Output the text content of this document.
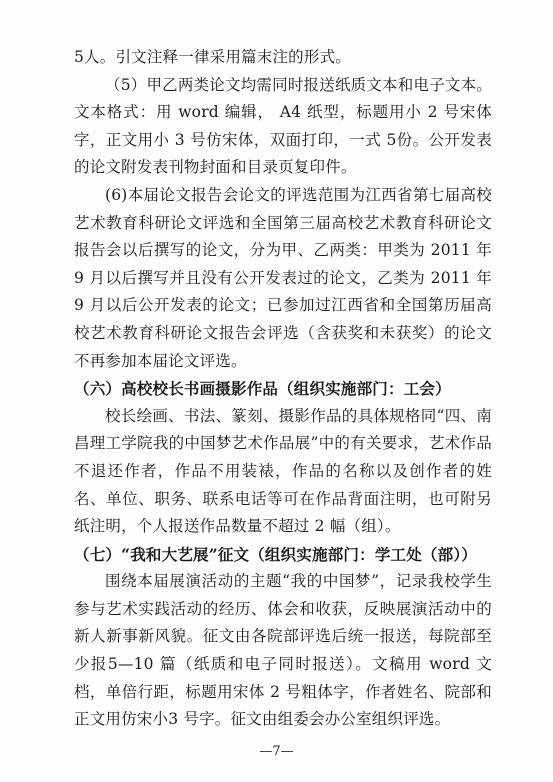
5人。引文注释一律采用篇末注的形式。

（5）甲乙两类论文均需同时报送纸质文本和电子文本。文本格式：用 word 编辑， A4 纸型，标题用小 2 号宋体字，正文用小 3 号仿宋体，双面打印，一式 5份。公开发表的论文附发表刊物封面和目录页复印件。

(6)本届论文报告会论文的评选范围为江西省第七届高校艺术教育科研论文评选和全国第三届高校艺术教育科研论文报告会以后撰写的论文，分为甲、乙两类：甲类为 2011 年 9 月以后撰写并且没有公开发表过的论文，乙类为 2011 年 9 月以后公开发表的论文；已参加过江西省和全国第历届高校艺术教育科研论文报告会评选（含获奖和未获奖）的论文不再参加本届论文评选。

（六）高校校长书画摄影作品（组织实施部门：工会）

校长绘画、书法、篆刻、摄影作品的具体规格同“四、南昌理工学院我的中国梦艺术作品展”中的有关要求，艺术作品不退还作者，作品不用装裱，作品的名称以及创作者的姓名、单位、职务、联系电话等可在作品背面注明，也可附另纸注明，个人报送作品数量不超过 2 幅（组）。

（七）“我和大艺展”征文（组织实施部门：学工处（部））

围绕本届展演活动的主题“我的中国梦”，记录我校学生参与艺术实践活动的经历、体会和收获，反映展演活动中的新人新事新风貌。征文由各院部评选后统一报送，每院部至少报5—10 篇（纸质和电子同时报送）。文稿用 word 文档，单倍行距，标题用宋体 2 号粗体字，作者姓名、院部和正文用仿宋小3 号字。征文由组委会办公室组织评选。

—7—
